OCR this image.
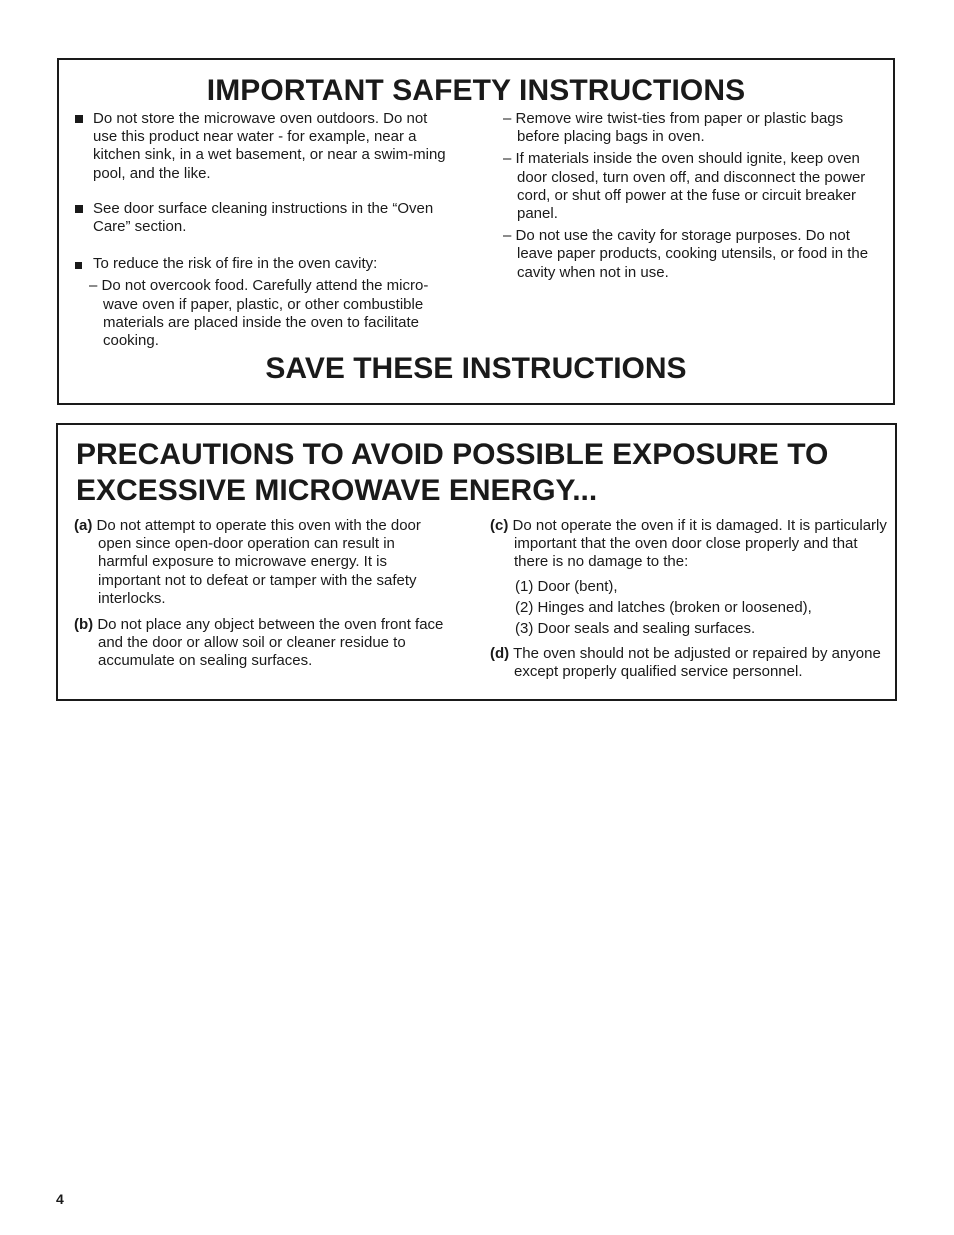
IMPORTANT SAFETY INSTRUCTIONS

Do not store the microwave oven outdoors. Do not use this product near water - for example, near a kitchen sink, in a wet basement, or near a swim-ming pool, and the like.

See door surface cleaning instructions in the “Oven Care” section.

To reduce the risk of fire in the oven cavity:

– Do not overcook food. Carefully attend the micro-wave oven if paper, plastic, or other combustible materials are placed inside the oven to facilitate cooking.

– Remove wire twist-ties from paper or plastic bags before placing bags in oven.

– If materials inside the oven should ignite, keep oven door closed, turn oven off, and disconnect the power cord, or shut off power at the fuse or circuit breaker panel.

– Do not use the cavity for storage purposes. Do not leave paper products, cooking utensils, or food in the cavity when not in use.

SAVE THESE INSTRUCTIONS
PRECAUTIONS TO AVOID POSSIBLE EXPOSURE TO
EXCESSIVE MICROWAVE ENERGY...

(a) Do not attempt to operate this oven with the door open since open-door operation can result in harmful exposure to microwave energy. It is important not to defeat or tamper with the safety interlocks.

(b) Do not place any object between the oven front face and the door or allow soil or cleaner residue to accumulate on sealing surfaces.

(c) Do not operate the oven if it is damaged. It is particularly important that the oven door close properly and that there is no damage to the:

(1) Door (bent),

(2) Hinges and latches (broken or loosened),

(3) Door seals and sealing surfaces.

(d) The oven should not be adjusted or repaired by anyone except properly qualified service personnel.

4
